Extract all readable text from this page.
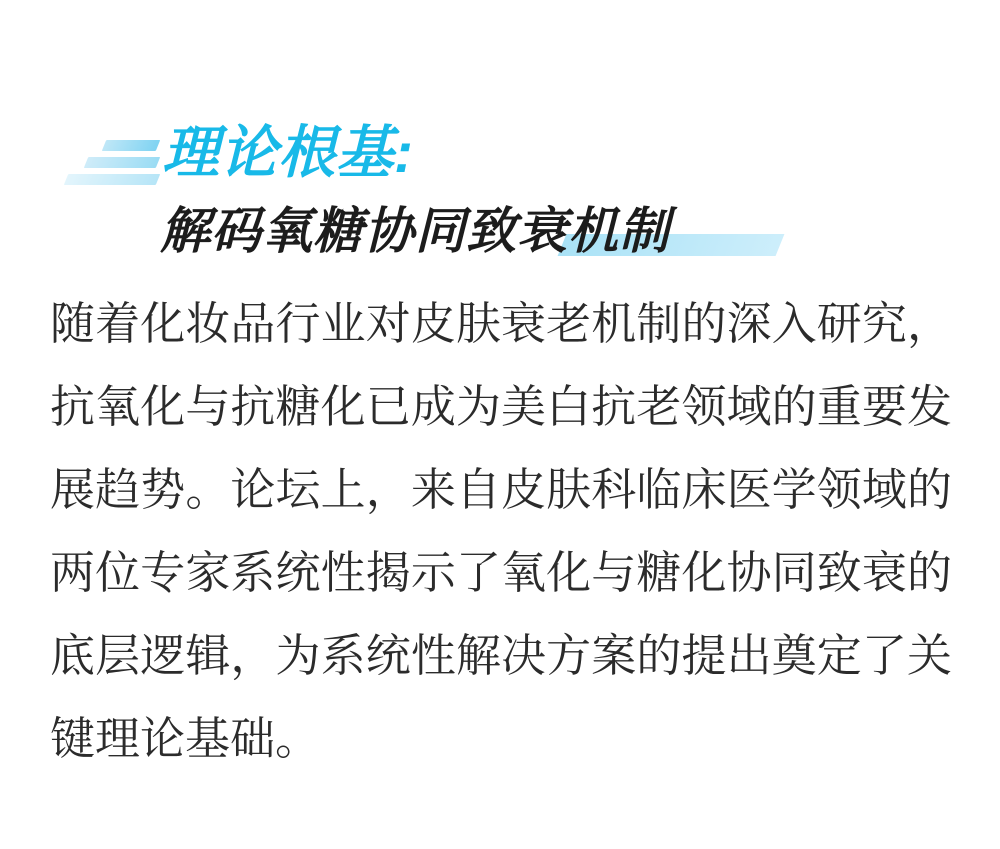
理论根基:
解码氧糖协同致衰机制

随着化妆品行业对皮肤衰老机制的深入研究，抗氧化与抗糖化已成为美白抗老领域的重要发展趋势。论坛上，来自皮肤科临床医学领域的两位专家系统性揭示了氧化与糖化协同致衰的底层逻辑，为系统性解决方案的提出奠定了关键理论基础。
